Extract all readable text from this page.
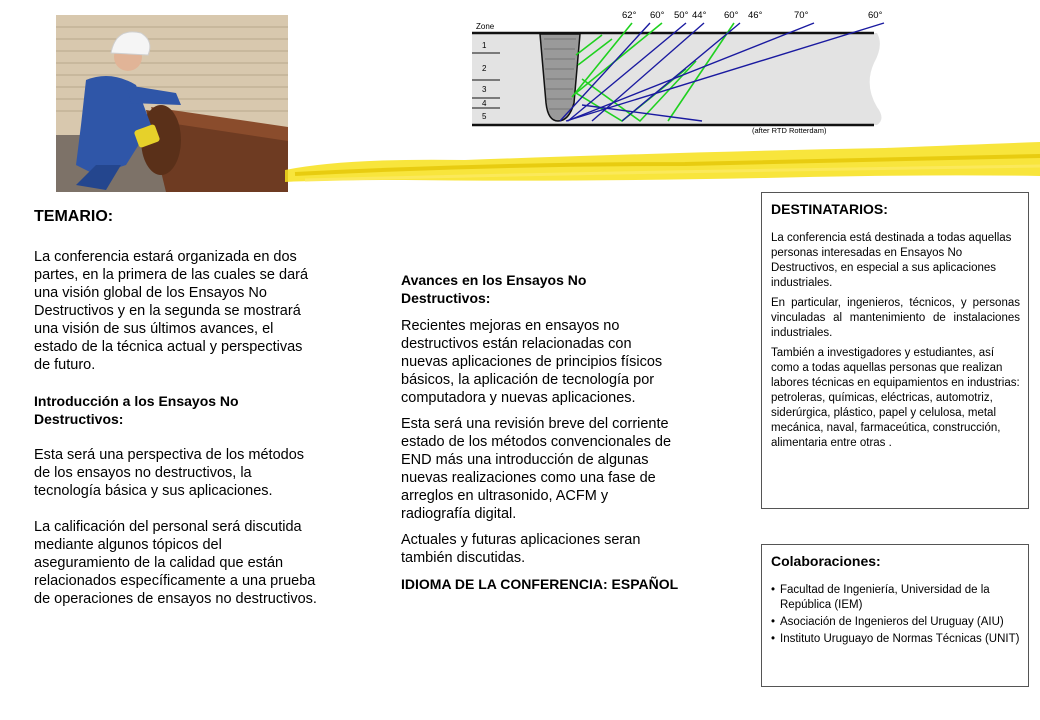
Zone
1
2
3
4
5
62° 60° 50° 44° 60° 46°	70°	60°
(after RTD Rotterdam)
TEMARIO:

La conferencia estará organizada en dos partes, en la primera de las cuales se dará una visión global de los Ensayos No Destructivos y en la segunda se mostrará una visión de sus últimos avances, el estado de la técnica actual y perspectivas de futuro.

Introducción a los Ensayos No Destructivos:

Esta será una perspectiva de los métodos de los ensayos no destructivos, la tecnología básica y sus aplicaciones.

La calificación del personal será discutida mediante algunos tópicos del aseguramiento de la calidad que están relacionados específicamente a una prueba de operaciones de ensayos no destructivos.

Avances en los Ensayos No Destructivos:

Recientes mejoras en ensayos no destructivos están relacionadas con nuevas aplicaciones de principios físicos básicos, la aplicación de tecnología por computadora y nuevas aplicaciones.

Esta será una revisión breve del corriente estado de los métodos convencionales de END más una introducción de algunas nuevas realizaciones como una fase de arreglos en ultrasonido, ACFM y radiografía digital.

Actuales y futuras aplicaciones seran también discutidas.

IDIOMA DE LA CONFERENCIA: ESPAÑOL
DESTINATARIOS:

La conferencia está destinada a todas aquellas personas interesadas en Ensayos No Destructivos, en especial a sus aplicaciones industriales.

En particular, ingenieros, técnicos, y personas vinculadas al mantenimiento de instalaciones industriales.

También a investigadores y estudiantes, así como a todas aquellas personas que realizan labores técnicas en equipamientos en industrias: petroleras, químicas, eléctricas, automotriz, siderúrgica, plástico, papel y celulosa, metal mecánica, naval, farmaceútica, construcción, alimentaria entre otras .

Colaboraciones:
• Facultad de Ingeniería, Universidad de la República (IEM)
• Asociación de Ingenieros del Uruguay (AIU)
• Instituto Uruguayo de Normas Técnicas (UNIT)
